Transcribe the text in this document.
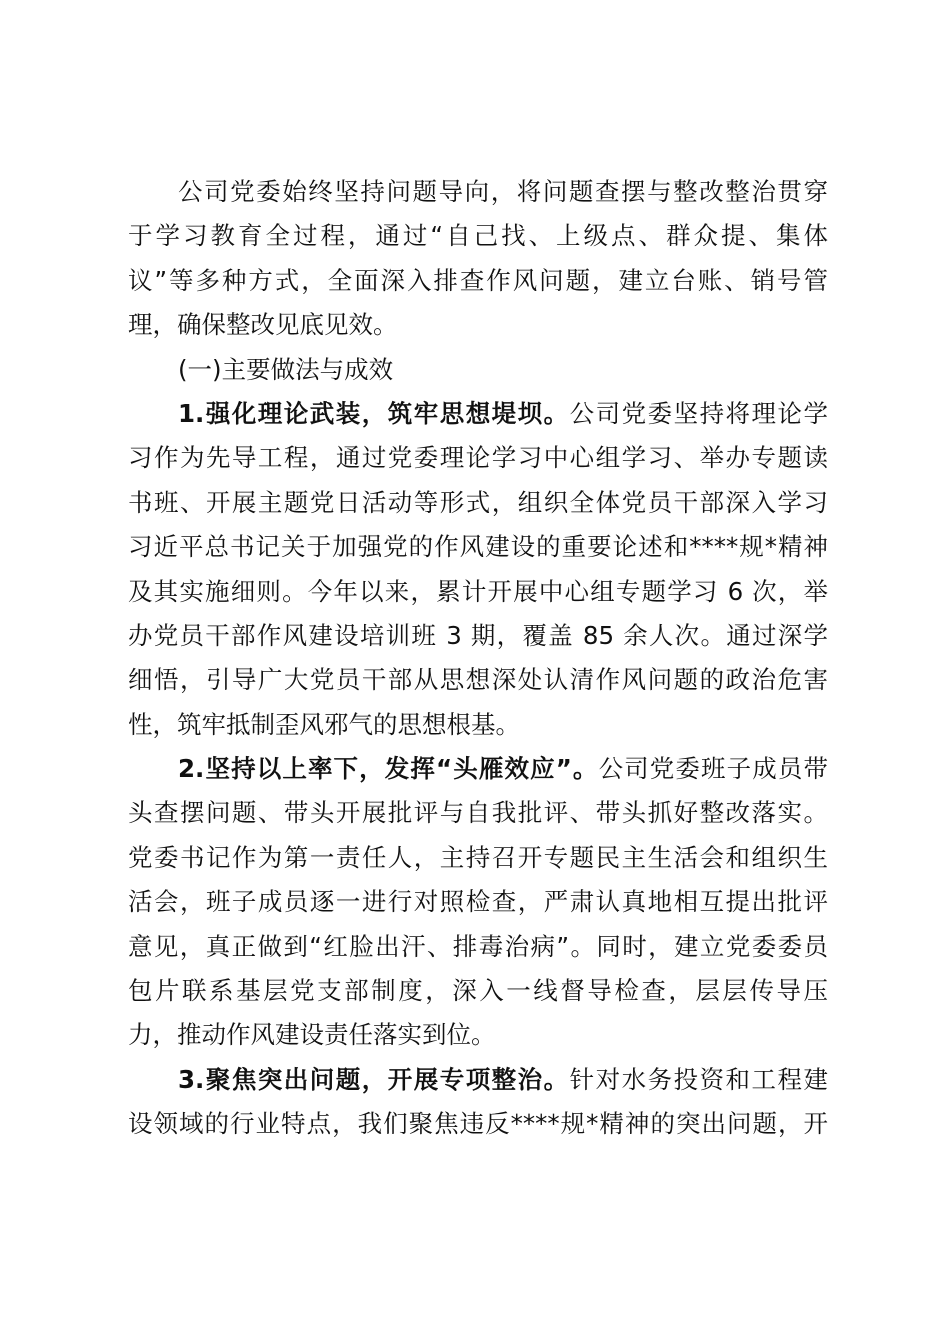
公司党委始终坚持问题导向，将问题查摆与整改整治贯穿
于学习教育全过程，通过“自己找、上级点、群众提、集体
议”等多种方式，全面深入排查作风问题，建立台账、销号管
理，确保整改见底见效。
(一)主要做法与成效
1.强化理论武装，筑牢思想堤坝。公司党委坚持将理论学
习作为先导工程，通过党委理论学习中心组学习、举办专题读
书班、开展主题党日活动等形式，组织全体党员干部深入学习
习近平总书记关于加强党的作风建设的重要论述和****规*精神
及其实施细则。今年以来，累计开展中心组专题学习 6 次，举
办党员干部作风建设培训班 3 期，覆盖 85 余人次。通过深学
细悟，引导广大党员干部从思想深处认清作风问题的政治危害
性，筑牢抵制歪风邪气的思想根基。
2.坚持以上率下，发挥“头雁效应”。公司党委班子成员带
头查摆问题、带头开展批评与自我批评、带头抓好整改落实。
党委书记作为第一责任人，主持召开专题民主生活会和组织生
活会，班子成员逐一进行对照检查，严肃认真地相互提出批评
意见，真正做到“红脸出汗、排毒治病”。同时，建立党委委员
包片联系基层党支部制度，深入一线督导检查，层层传导压
力，推动作风建设责任落实到位。
3.聚焦突出问题，开展专项整治。针对水务投资和工程建
设领域的行业特点，我们聚焦违反****规*精神的突出问题，开
